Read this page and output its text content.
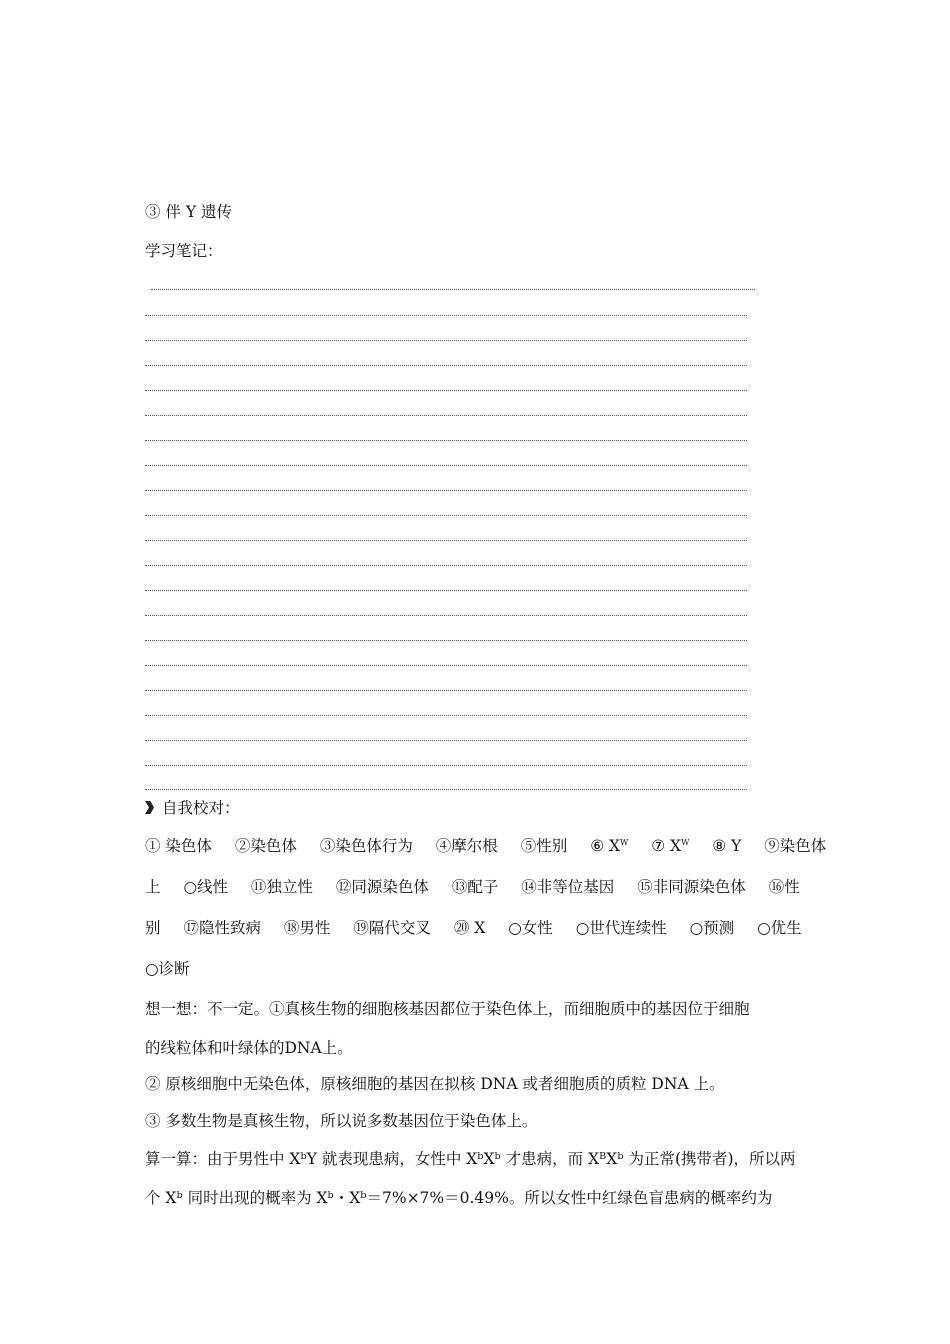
③ 伴 Y 遗传
学习笔记：
自我校对：
① 染色体 ②染色体 ③染色体行为 ④摩尔根 ⑤性别 ⑥ $X^W$ ⑦ $X^W$ ⑧ Y ⑨染色体
上 ○线性 ⑪独立性 ⑫同源染色体 ⑬配子 ⑭非等位基因 ⑮非同源染色体 ⑯性
别 ⑰隐性致病 ⑱男性 ⑲隔代交叉 ⑳ X ○女性 ○世代连续性 ○预测 ○优生
○诊断
想一想：不一定。①真核生物的细胞核基因都位于染色体上，而细胞质中的基因位于细胞
的线粒体和叶绿体的DNA上。
② 原核细胞中无染色体，原核细胞的基因在拟核 DNA 或者细胞质的质粒 DNA 上。
③ 多数生物是真核生物，所以说多数基因位于染色体上。
算一算：由于男性中 XᵇY 就表现患病，女性中 XᵇXᵇ 才患病，而 XᴮXᵇ 为正常(携带者)，所以两
个 Xᵇ 同时出现的概率为 Xᵇ・Xᵇ＝7%×7%＝0.49%。所以女性中红绿色盲患病的概率约为
